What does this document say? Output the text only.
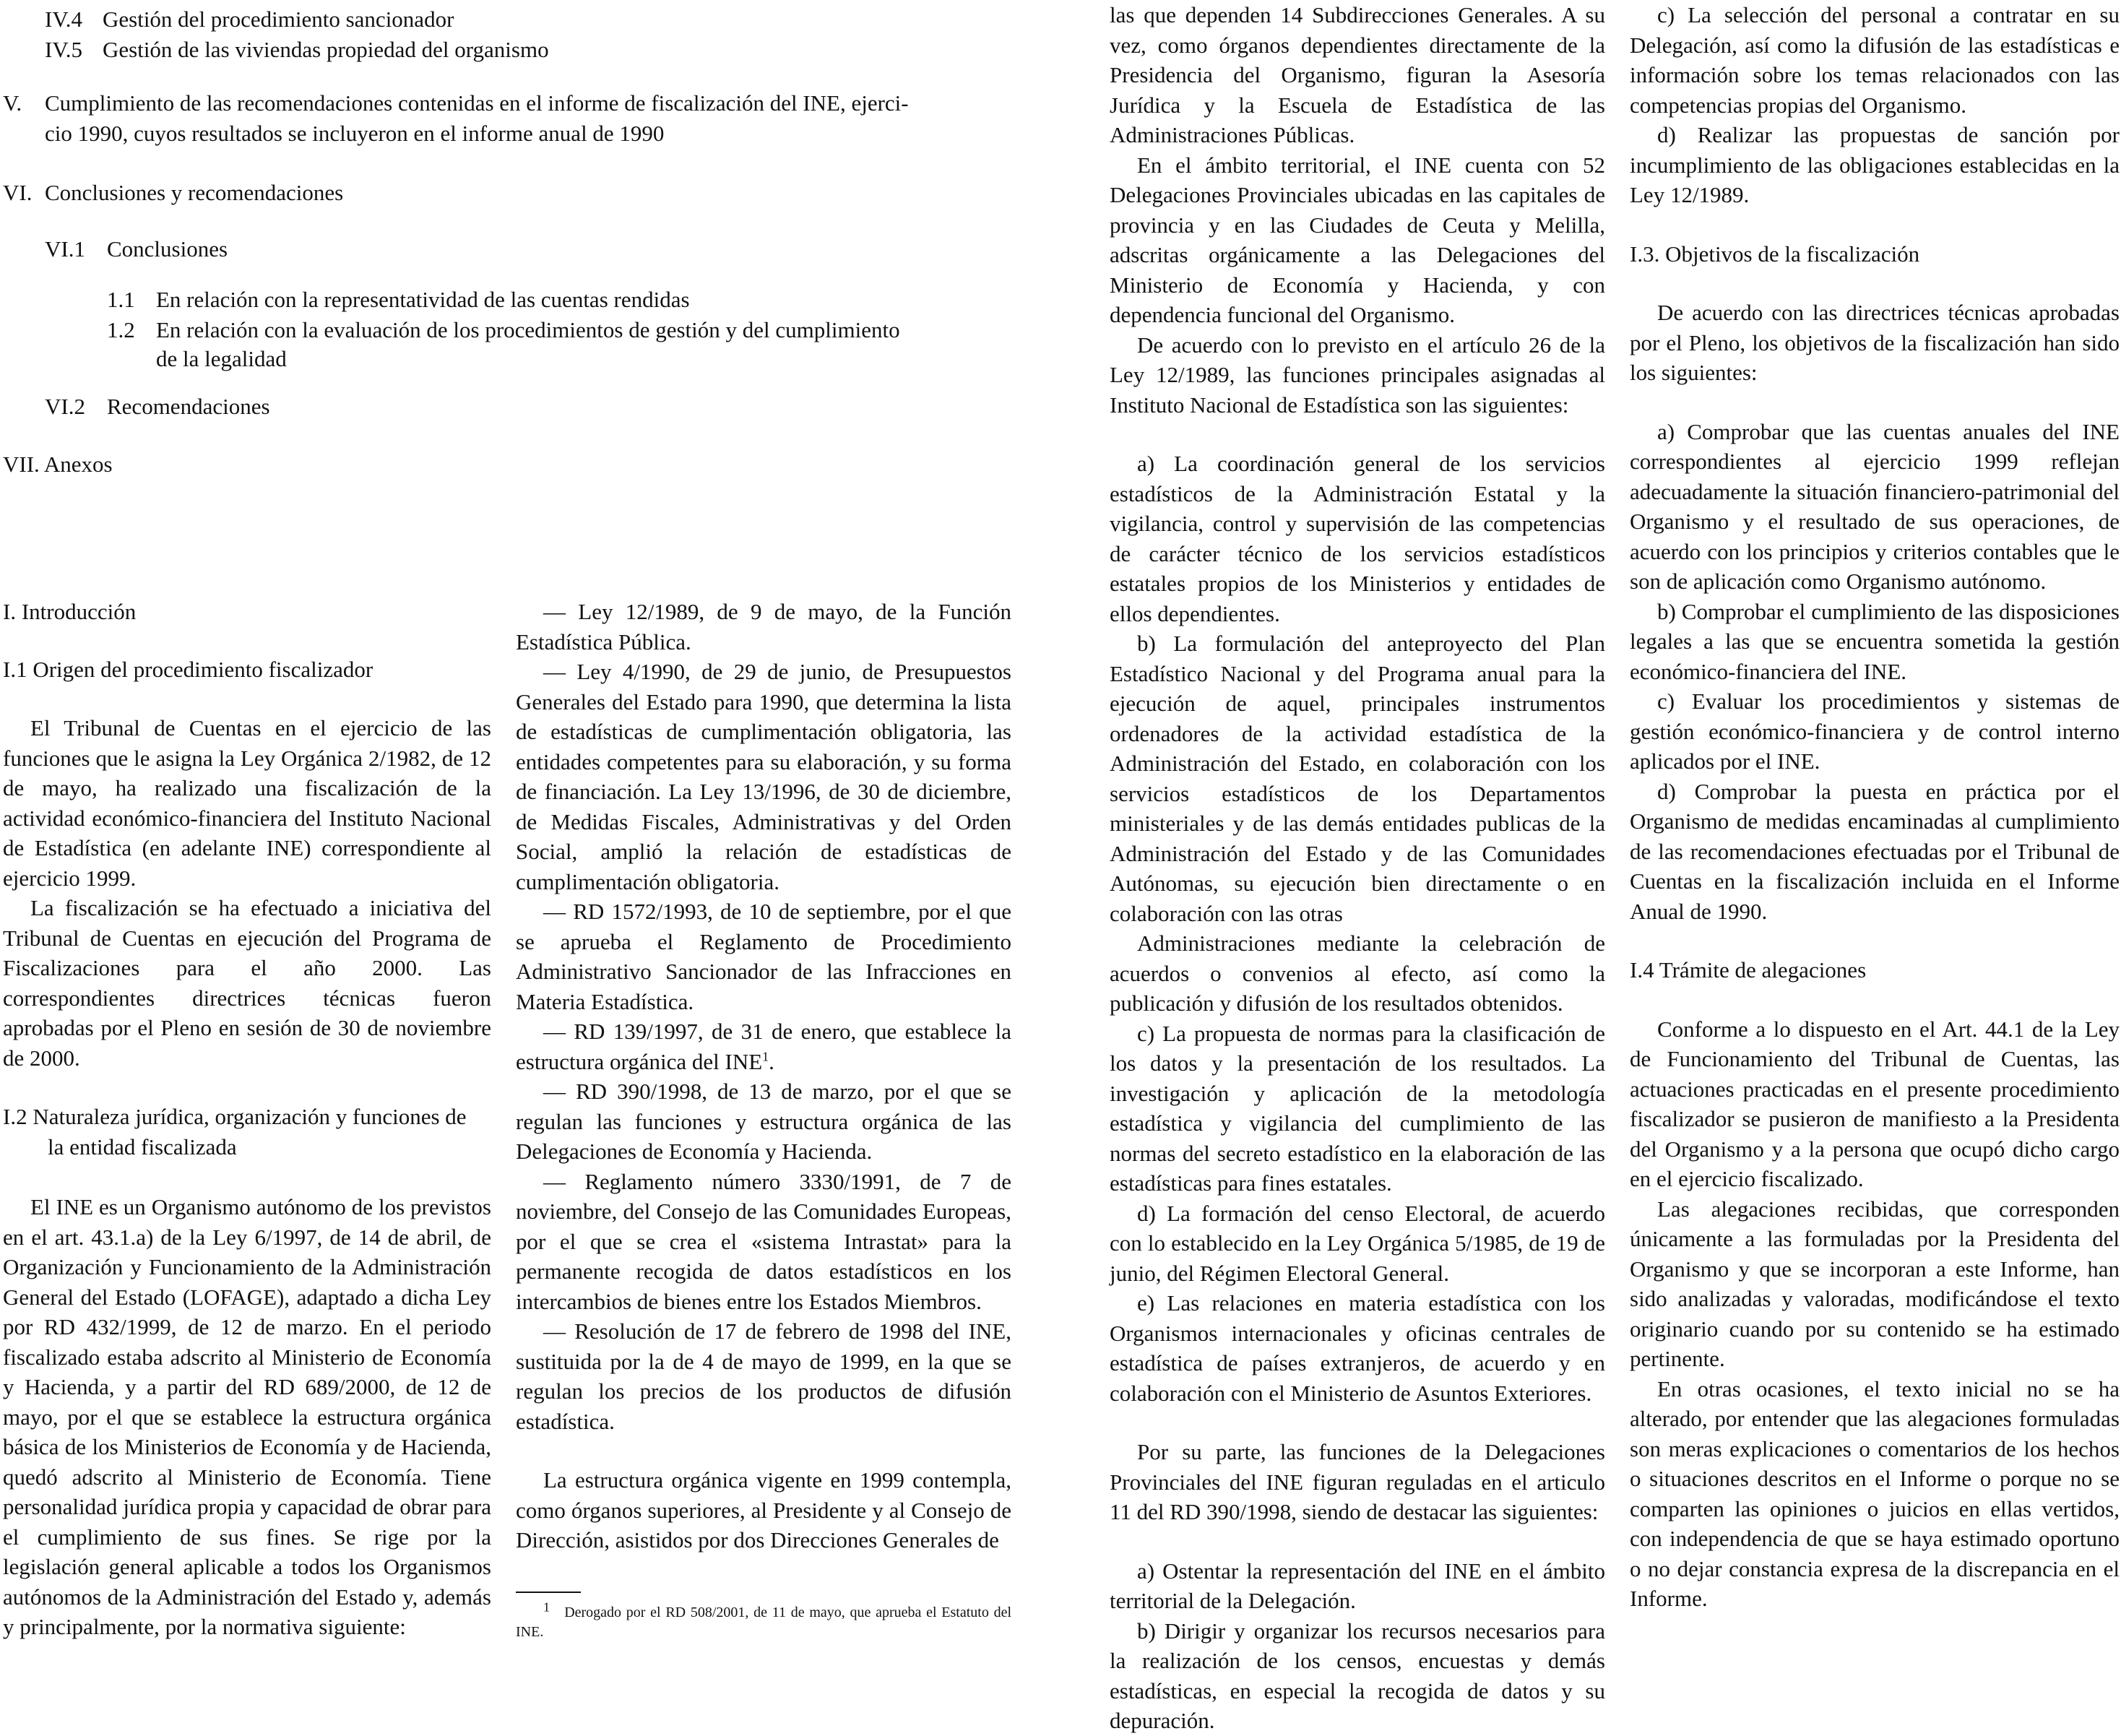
IV.4 Gestión del procedimiento sancionador
IV.5 Gestión de las viviendas propiedad del organismo
V. Cumplimiento de las recomendaciones contenidas en el informe de fiscalización del INE, ejerci-
cio 1990, cuyos resultados se incluyeron en el informe anual de 1990
VI. Conclusiones y recomendaciones
VI.1 Conclusiones
1.1 En relación con la representatividad de las cuentas rendidas
1.2 En relación con la evaluación de los procedimientos de gestión y del cumplimiento
de la legalidad
VI.2 Recomendaciones
VII. Anexos

I. Introducción

I.1 Origen del procedimiento fiscalizador

El Tribunal de Cuentas en el ejercicio de las funciones que le asigna la Ley Orgánica 2/1982, de 12 de mayo, ha realizado una fiscalización de la actividad económico-financiera del Instituto Nacional de Estadística (en adelante INE) correspondiente al ejercicio 1999.

La fiscalización se ha efectuado a iniciativa del Tribunal de Cuentas en ejecución del Programa de Fiscalizaciones para el año 2000. Las correspondientes directrices técnicas fueron aprobadas por el Pleno en sesión de 30 de noviembre de 2000.

I.2 Naturaleza jurídica, organización y funciones de

la entidad fiscalizada

El INE es un Organismo autónomo de los previstos en el art. 43.1.a) de la Ley 6/1997, de 14 de abril, de Organización y Funcionamiento de la Administración General del Estado (LOFAGE), adaptado a dicha Ley por RD 432/1999, de 12 de marzo. En el periodo fiscalizado estaba adscrito al Ministerio de Economía y Hacienda, y a partir del RD 689/2000, de 12 de mayo, por el que se establece la estructura orgánica básica de los Ministerios de Economía y de Hacienda, quedó adscrito al Ministerio de Economía. Tiene personalidad jurídica propia y capacidad de obrar para el cumplimiento de sus fines. Se rige por la legislación general aplicable a todos los Organismos autónomos de la Administración del Estado y, además y principalmente, por la normativa siguiente:

— Ley 12/1989, de 9 de mayo, de la Función Estadística Pública.

— Ley 4/1990, de 29 de junio, de Presupuestos Generales del Estado para 1990, que determina la lista de estadísticas de cumplimentación obligatoria, las entidades competentes para su elaboración, y su forma de financiación. La Ley 13/1996, de 30 de diciembre, de Medidas Fiscales, Administrativas y del Orden Social, amplió la relación de estadísticas de cumplimentación obligatoria.

— RD 1572/1993, de 10 de septiembre, por el que se aprueba el Reglamento de Procedimiento Administrativo Sancionador de las Infracciones en Materia Estadística.

— RD 139/1997, de 31 de enero, que establece la estructura orgánica del INE$^1$.

— RD 390/1998, de 13 de marzo, por el que se regulan las funciones y estructura orgánica de las Delegaciones de Economía y Hacienda.

— Reglamento número 3330/1991, de 7 de noviembre, del Consejo de las Comunidades Europeas, por el que se crea el «sistema Intrastat» para la permanente recogida de datos estadísticos en los intercambios de bienes entre los Estados Miembros.

— Resolución de 17 de febrero de 1998 del INE, sustituida por la de 4 de mayo de 1999, en la que se regulan los precios de los productos de difusión estadística.

La estructura orgánica vigente en 1999 contempla, como órganos superiores, al Presidente y al Consejo de Dirección, asistidos por dos Direcciones Generales de

$^1$ Derogado por el RD 508/2001, de 11 de mayo, que aprueba el Estatuto del INE.

las que dependen 14 Subdirecciones Generales. A su vez, como órganos dependientes directamente de la Presidencia del Organismo, figuran la Asesoría Jurídica y la Escuela de Estadística de las Administraciones Públicas.

En el ámbito territorial, el INE cuenta con 52 Delegaciones Provinciales ubicadas en las capitales de provincia y en las Ciudades de Ceuta y Melilla, adscritas orgánicamente a las Delegaciones del Ministerio de Economía y Hacienda, y con dependencia funcional del Organismo.

De acuerdo con lo previsto en el artículo 26 de la Ley 12/1989, las funciones principales asignadas al Instituto Nacional de Estadística son las siguientes:

a) La coordinación general de los servicios estadísticos de la Administración Estatal y la vigilancia, control y supervisión de las competencias de carácter técnico de los servicios estadísticos estatales propios de los Ministerios y entidades de ellos dependientes.

b) La formulación del anteproyecto del Plan Estadístico Nacional y del Programa anual para la ejecución de aquel, principales instrumentos ordenadores de la actividad estadística de la Administración del Estado, en colaboración con los servicios estadísticos de los Departamentos ministeriales y de las demás entidades publicas de la Administración del Estado y de las Comunidades Autónomas, su ejecución bien directamente o en colaboración con las otras

Administraciones mediante la celebración de acuerdos o convenios al efecto, así como la publicación y difusión de los resultados obtenidos.

c) La propuesta de normas para la clasificación de los datos y la presentación de los resultados. La investigación y aplicación de la metodología estadística y vigilancia del cumplimiento de las normas del secreto estadístico en la elaboración de las estadísticas para fines estatales.

d) La formación del censo Electoral, de acuerdo con lo establecido en la Ley Orgánica 5/1985, de 19 de junio, del Régimen Electoral General.

e) Las relaciones en materia estadística con los Organismos internacionales y oficinas centrales de estadística de países extranjeros, de acuerdo y en colaboración con el Ministerio de Asuntos Exteriores.

Por su parte, las funciones de la Delegaciones Provinciales del INE figuran reguladas en el articulo 11 del RD 390/1998, siendo de destacar las siguientes:

a) Ostentar la representación del INE en el ámbito territorial de la Delegación.

b) Dirigir y organizar los recursos necesarios para la realización de los censos, encuestas y demás estadísticas, en especial la recogida de datos y su depuración.

c) La selección del personal a contratar en su Delegación, así como la difusión de las estadísticas e información sobre los temas relacionados con las competencias propias del Organismo.

d) Realizar las propuestas de sanción por incumplimiento de las obligaciones establecidas en la Ley 12/1989.

I.3. Objetivos de la fiscalización

De acuerdo con las directrices técnicas aprobadas por el Pleno, los objetivos de la fiscalización han sido los siguientes:

a) Comprobar que las cuentas anuales del INE correspondientes al ejercicio 1999 reflejan adecuadamente la situación financiero-patrimonial del Organismo y el resultado de sus operaciones, de acuerdo con los principios y criterios contables que le son de aplicación como Organismo autónomo.

b) Comprobar el cumplimiento de las disposiciones legales a las que se encuentra sometida la gestión económico-financiera del INE.

c) Evaluar los procedimientos y sistemas de gestión económico-financiera y de control interno aplicados por el INE.

d) Comprobar la puesta en práctica por el Organismo de medidas encaminadas al cumplimiento de las recomendaciones efectuadas por el Tribunal de Cuentas en la fiscalización incluida en el Informe Anual de 1990.

I.4 Trámite de alegaciones

Conforme a lo dispuesto en el Art. 44.1 de la Ley de Funcionamiento del Tribunal de Cuentas, las actuaciones practicadas en el presente procedimiento fiscalizador se pusieron de manifiesto a la Presidenta del Organismo y a la persona que ocupó dicho cargo en el ejercicio fiscalizado.

Las alegaciones recibidas, que corresponden únicamente a las formuladas por la Presidenta del Organismo y que se incorporan a este Informe, han sido analizadas y valoradas, modificándose el texto originario cuando por su contenido se ha estimado pertinente.

En otras ocasiones, el texto inicial no se ha alterado, por entender que las alegaciones formuladas son meras explicaciones o comentarios de los hechos o situaciones descritos en el Informe o porque no se comparten las opiniones o juicios en ellas vertidos, con independencia de que se haya estimado oportuno o no dejar constancia expresa de la discrepancia en el Informe.
